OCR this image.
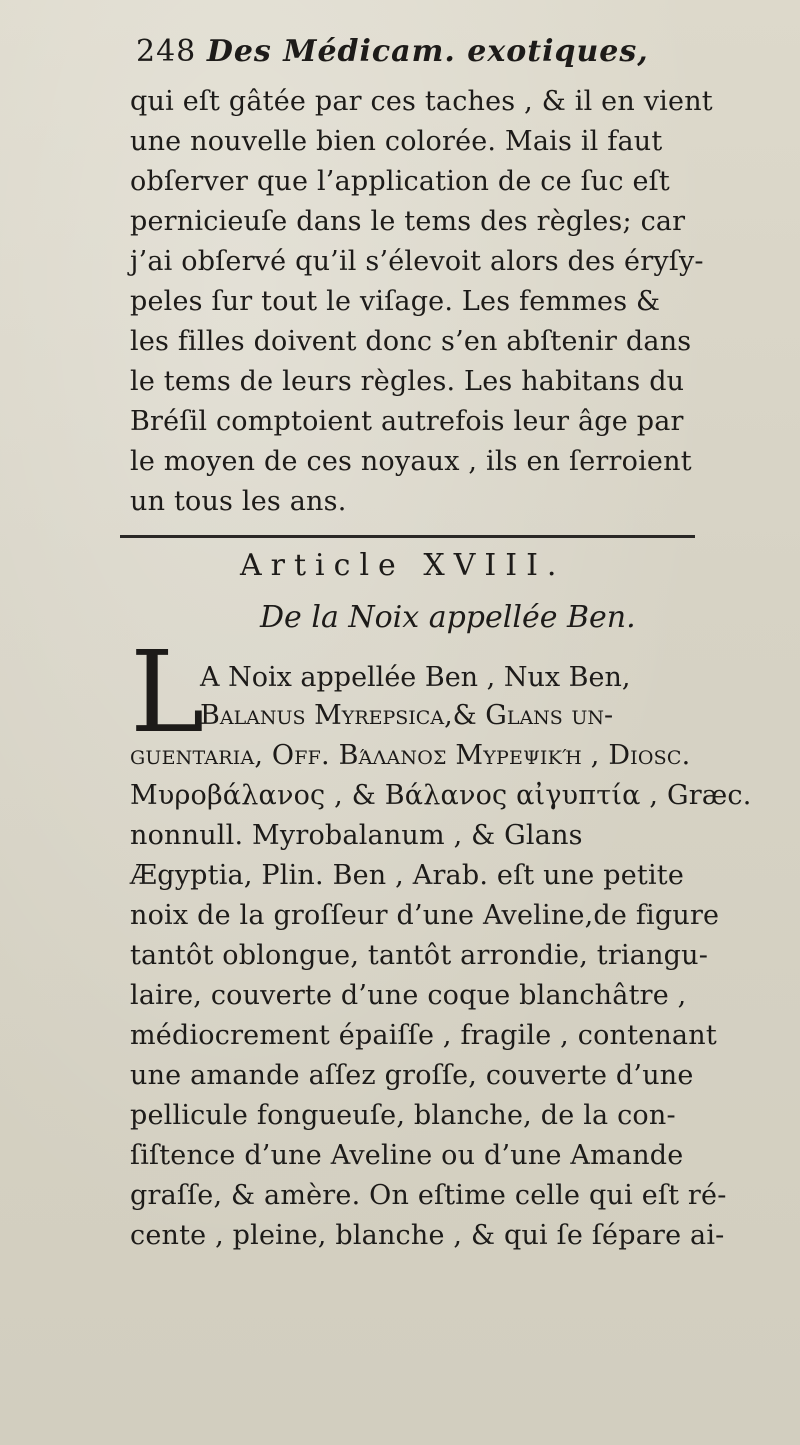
248 Des Médicam. exotiques,
qui eſt gâtée par ces taches , & il en vient
une nouvelle bien colorée. Mais il faut
obſerver que l’application de ce ſuc eſt
pernicieuſe dans le tems des règles; car
j’ai obſervé qu’il s’élevoit alors des éryſy-
peles ſur tout le viſage. Les femmes &
les filles doivent donc s’en abſtenir dans
le tems de leurs règles. Les habitans du
Bréſil comptoient autrefois leur âge par
le moyen de ces noyaux , ils en ſerroient
un tous les ans.
Article XVIII.
De la Noix appellée Ben.
L
A Noix appellée Ben , Nux Ben,
Balanus Myrepsica,& Glans un-
guentaria, Off. Βάλανος Μυρεψική , Dioſc.
Μυροβάλανος , & Βάλανος αἰγυπτία , Græc.
nonnull. Myrobalanum , & Glans
Ægyptia, Plin. Ben , Arab. eſt une petite
noix de la groſſeur d’une Aveline,de figure
tantôt oblongue, tantôt arrondie, triangu-
laire, couverte d’une coque blanchâtre ,
médiocrement épaiſſe , fragile , contenant
une amande aſſez groſſe, couverte d’une
pellicule fongueuſe, blanche, de la con-
ſiſtence d’une Aveline ou d’une Amande
graſſe, & amère. On eſtime celle qui eſt ré-
cente , pleine, blanche , & qui ſe ſépare ai-
